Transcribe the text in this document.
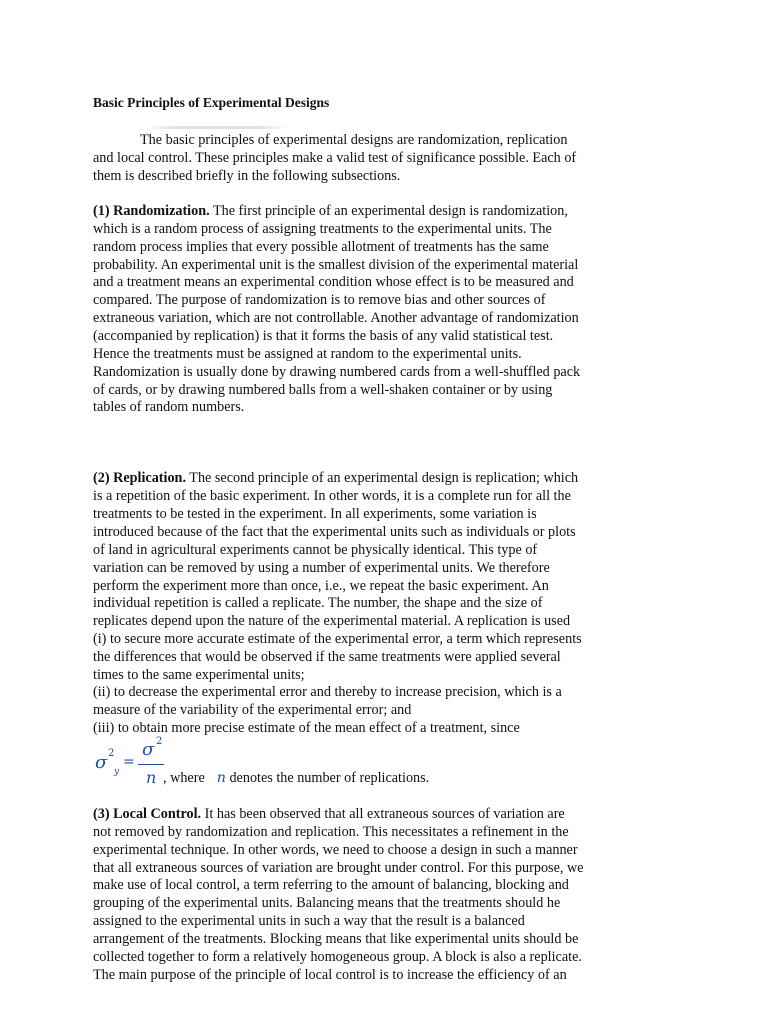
Basic Principles of Experimental Designs
The basic principles of experimental designs are randomization, replication
and local control. These principles make a valid test of significance possible. Each of
them is described briefly in the following subsections.
(1) Randomization. The first principle of an experimental design is randomization,
which is a random process of assigning treatments to the experimental units. The
random process implies that every possible allotment of treatments has the same
probability. An experimental unit is the smallest division of the experimental material
and a treatment means an experimental condition whose effect is to be measured and
compared. The purpose of randomization is to remove bias and other sources of
extraneous variation, which are not controllable. Another advantage of randomization
(accompanied by replication) is that it forms the basis of any valid statistical test.
Hence the treatments must be assigned at random to the experimental units.
Randomization is usually done by drawing numbered cards from a well-shuffled pack
of cards, or by drawing numbered balls from a well-shaken container or by using
tables of random numbers.
(2) Replication. The second principle of an experimental design is replication; which
is a repetition of the basic experiment. In other words, it is a complete run for all the
treatments to be tested in the experiment. In all experiments, some variation is
introduced because of the fact that the experimental units such as individuals or plots
of land in agricultural experiments cannot be physically identical. This type of
variation can be removed by using a number of experimental units. We therefore
perform the experiment more than once, i.e., we repeat the basic experiment. An
individual repetition is called a replicate. The number, the shape and the size of
replicates depend upon the nature of the experimental material. A replication is used
(i) to secure more accurate estimate of the experimental error, a term which represents
the differences that would be observed if the same treatments were applied several
times to the same experimental units;
(ii) to decrease the experimental error and thereby to increase precision, which is a
measure of the variability of the experimental error; and
(iii) to obtain more precise estimate of the mean effect of a treatment, since
σ 2
y
=
σ 2
n , where n denotes the number of replications.
(3) Local Control. It has been observed that all extraneous sources of variation are
not removed by randomization and replication. This necessitates a refinement in the
experimental technique. In other words, we need to choose a design in such a manner
that all extraneous sources of variation are brought under control. For this purpose, we
make use of local control, a term referring to the amount of balancing, blocking and
grouping of the experimental units. Balancing means that the treatments should he
assigned to the experimental units in such a way that the result is a balanced
arrangement of the treatments. Blocking means that like experimental units should be
collected together to form a relatively homogeneous group. A block is also a replicate.
The main purpose of the principle of local control is to increase the efficiency of an
